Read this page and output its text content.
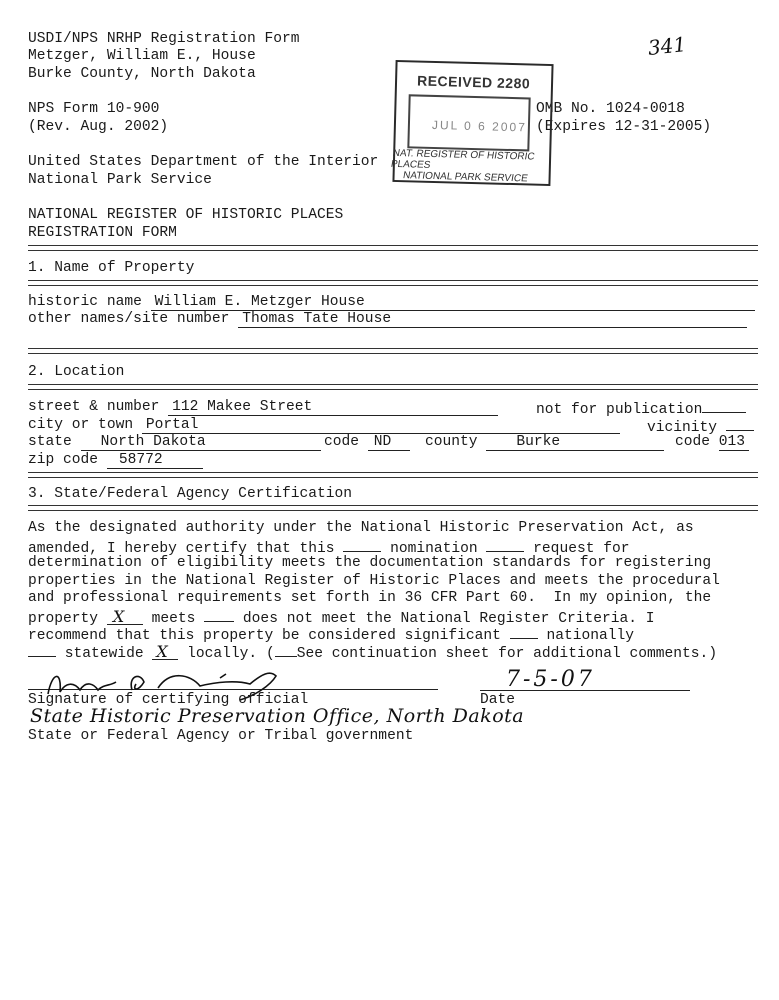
USDI/NPS NRHP Registration Form
Metzger, William E., House
Burke County, North Dakota
NPS Form 10-900
(Rev. Aug. 2002)
OMB No. 1024-0018
(Expires 12-31-2005)
United States Department of the Interior
National Park Service
341
RECEIVED 2280
JUL 0 6 2007
NAT. REGISTER OF HISTORIC PLACES
NATIONAL PARK SERVICE
NATIONAL REGISTER OF HISTORIC PLACES
REGISTRATION FORM
1. Name of Property
historic name William E. Metzger House
other names/site number Thomas Tate House
2. Location
street & number 112 Makee Street	not for publication
city or town Portal	vicinity
state North Dakota	code ND	county	Burke	code 013
zip code 58772
3. State/Federal Agency Certification
As the designated authority under the National Historic Preservation Act, as
amended, I hereby certify that this	nomination	request for
determination of eligibility meets the documentation standards for registering
properties in the National Register of Historic Places and meets the procedural
and professional requirements set forth in 36 CFR Part 60.  In my opinion, the
property X meets	does not meet the National Register Criteria. I
recommend that this property be considered significant	nationally
statewide X locally. ( See continuation sheet for additional comments.)
7-5-07
Signature of certifying official	Date
State Historic Preservation Office, North Dakota
State or Federal Agency or Tribal government
